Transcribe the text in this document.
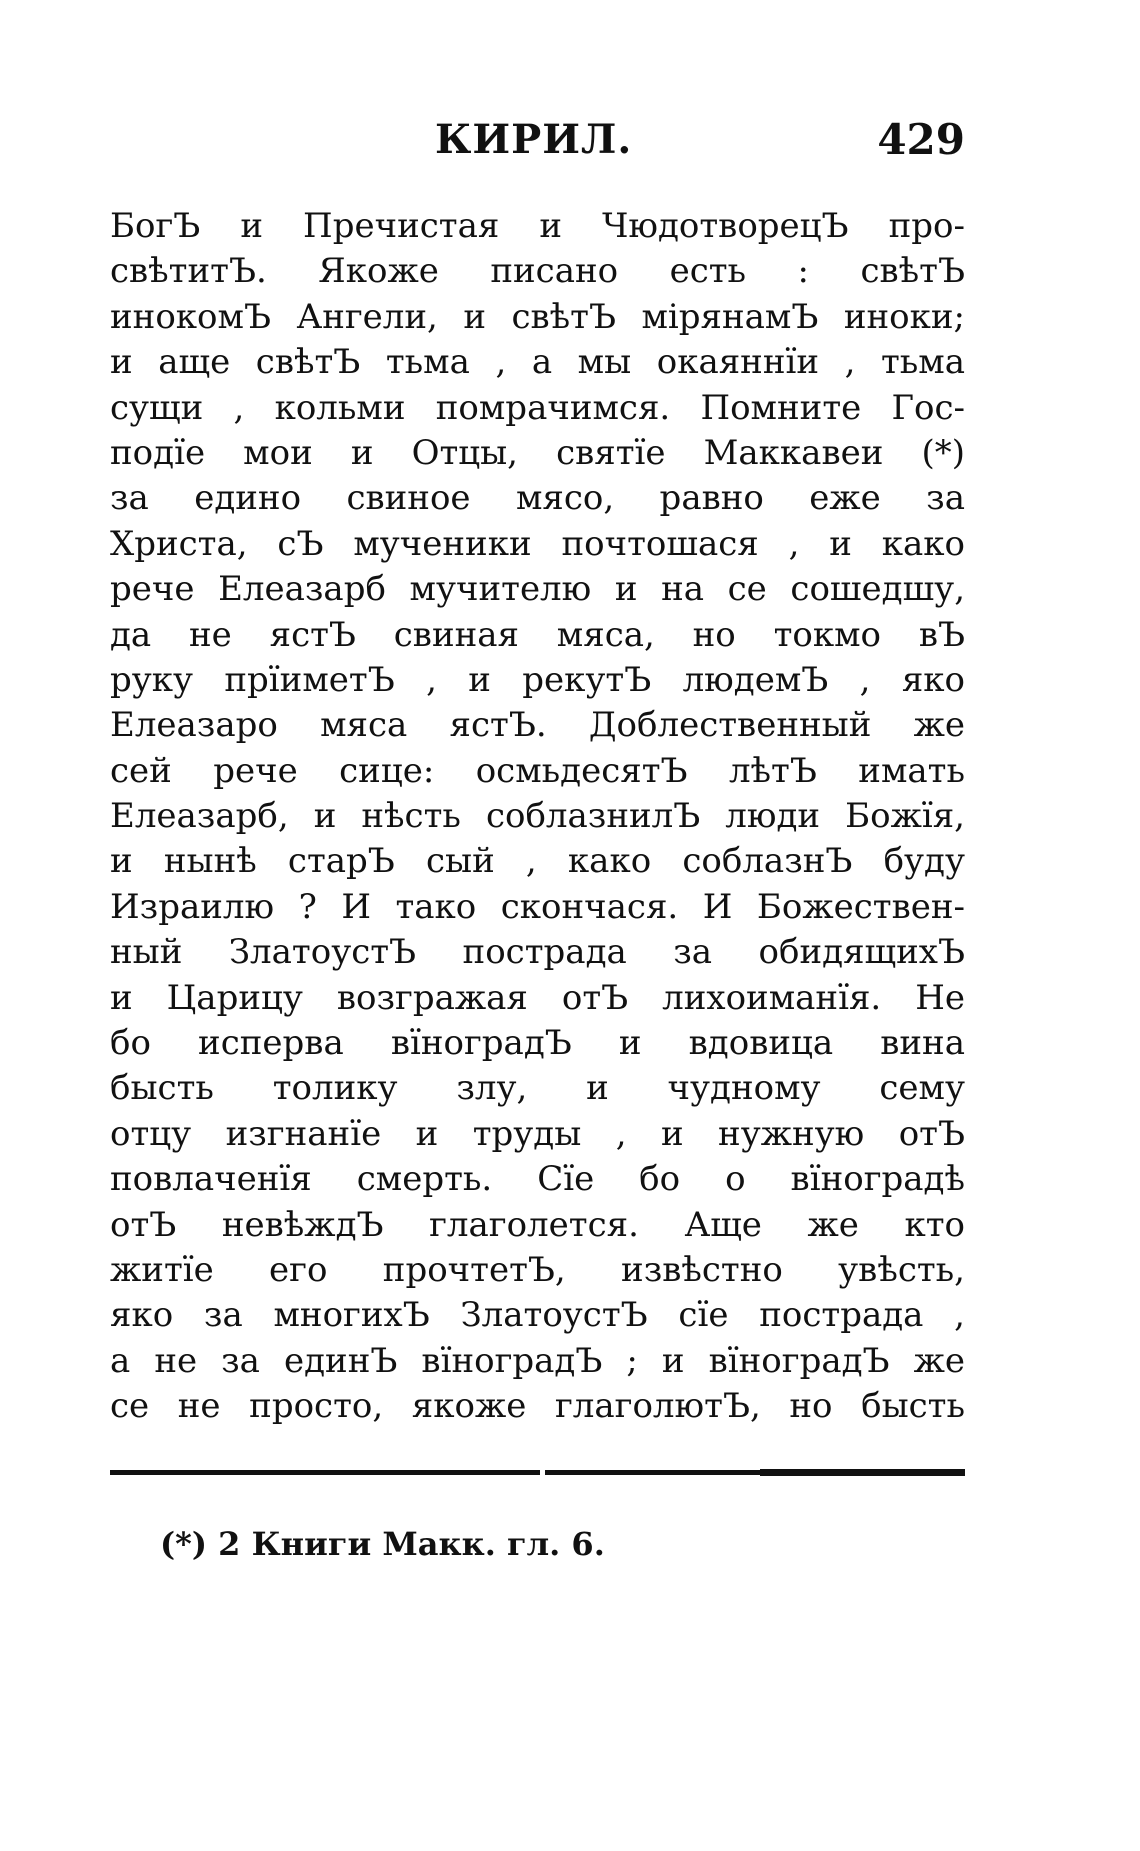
КИРИЛ.	429
БогЪ и Пречистая и ЧюдотворецЪ про-
свѣтитЪ. Якоже писано есть : свѣтЪ
инокомЪ Ангели, и свѣтЪ мірянамЪ иноки;
и аще свѣтЪ тьма , а мы окаяннїи , тьма
сущи , кольми помрачимся. Помните Гос-
подїе мои и Отцы, святїе Маккавеи (*)
за едино свиное мясо, равно еже за
Христа, сЪ мученики почтошася , и како
рече Елеазарб мучителю и на се сошедшу,
да не ястЪ свиная мяса, но токмо вЪ
руку прїиметЪ , и рекутЪ людемЪ , яко
Елеазаро мяса ястЪ. Доблественный же
сей рече сице: осмьдесятЪ лѣтЪ имать
Елеазарб, и нѣсть соблазнилЪ люди Божїя,
и нынѣ старЪ сый , како соблазнЪ буду
Израилю ? И тако скончася. И Божествен-
ный ЗлатоустЪ пострада за обидящихЪ
и Царицу возгражая отЪ лихоиманїя. Не
бо исперва вїноградЪ и вдовица вина
бысть толику злу, и чудному сему
отцу изгнанїе и труды , и нужную отЪ
повлаченїя смерть. Сїе бо о вїноградѣ
отЪ невѣждЪ глаголется. Аще же кто
житїе его прочтетЪ, извѣстно увѣсть,
яко за многихЪ ЗлатоустЪ сїе пострада ,
а не за единЪ вїноградЪ ; и вїноградЪ же
се не просто, якоже глаголютЪ, но бысть
(*) 2 Книги Макк. гл. 6.
